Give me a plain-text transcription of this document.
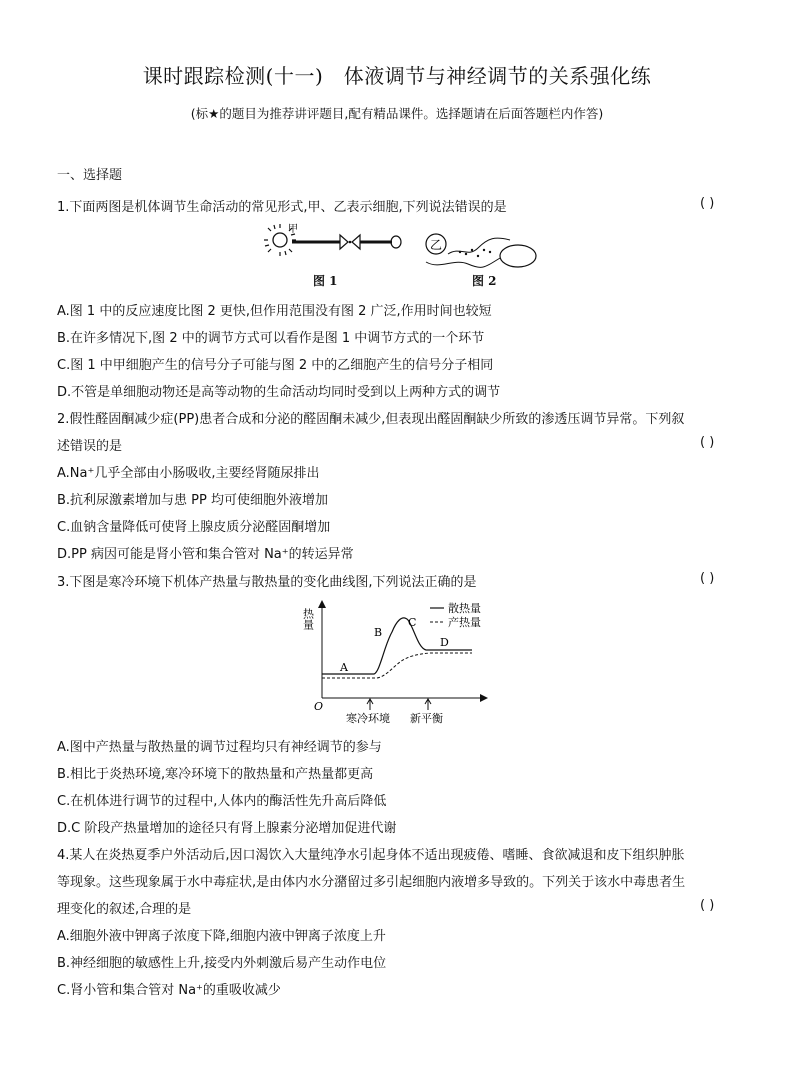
课时跟踪检测(十一)　体液调节与神经调节的关系强化练
(标★的题目为推荐讲评题目,配有精品课件。选择题请在后面答题栏内作答)
一、选择题
1.下面两图是机体调节生命活动的常见形式,甲、乙表示细胞,下列说法错误的是	( )
甲
图 1
乙
图 2
A.图 1 中的反应速度比图 2 更快,但作用范围没有图 2 广泛,作用时间也较短
B.在许多情况下,图 2 中的调节方式可以看作是图 1 中调节方式的一个环节
C.图 1 中甲细胞产生的信号分子可能与图 2 中的乙细胞产生的信号分子相同
D.不管是单细胞动物还是高等动物的生命活动均同时受到以上两种方式的调节
2.假性醛固酮减少症(PP)患者合成和分泌的醛固酮未减少,但表现出醛固酮缺少所致的渗透压调节异常。下列叙
述错误的是	( )
A.Na⁺几乎全部由小肠吸收,主要经肾随尿排出
B.抗利尿激素增加与患 PP 均可使细胞外液增加
C.血钠含量降低可使肾上腺皮质分泌醛固酮增加
D.PP 病因可能是肾小管和集合管对 Na⁺的转运异常
3.下图是寒冷环境下机体产热量与散热量的变化曲线图,下列说法正确的是	( )
热量
O
A
B
C
D
散热量
产热量
寒冷环境 新平衡
A.图中产热量与散热量的调节过程均只有神经调节的参与
B.相比于炎热环境,寒冷环境下的散热量和产热量都更高
C.在机体进行调节的过程中,人体内的酶活性先升高后降低
D.C 阶段产热量增加的途径只有肾上腺素分泌增加促进代谢
4.某人在炎热夏季户外活动后,因口渴饮入大量纯净水引起身体不适出现疲倦、嗜睡、食欲减退和皮下组织肿胀
等现象。这些现象属于水中毒症状,是由体内水分潴留过多引起细胞内液增多导致的。下列关于该水中毒患者生
理变化的叙述,合理的是	( )
A.细胞外液中钾离子浓度下降,细胞内液中钾离子浓度上升
B.神经细胞的敏感性上升,接受内外刺激后易产生动作电位
C.肾小管和集合管对 Na⁺的重吸收减少
